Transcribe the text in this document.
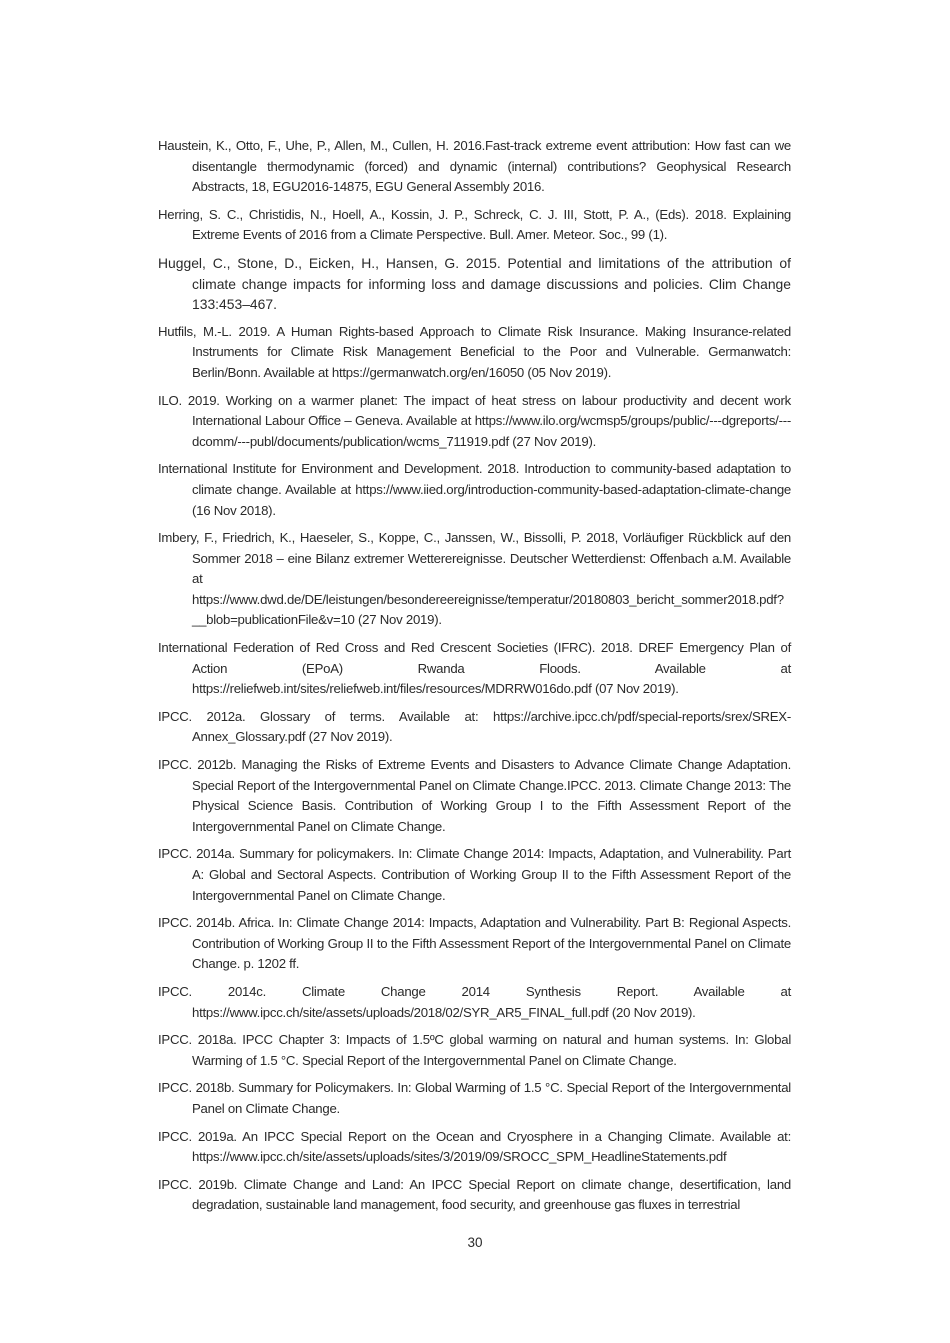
Haustein, K., Otto, F., Uhe, P., Allen, M., Cullen, H. 2016.Fast-track extreme event attribution: How fast can we disentangle thermodynamic (forced) and dynamic (internal) contributions? Geophysical Research Abstracts, 18, EGU2016-14875, EGU General Assembly 2016.

Herring, S. C., Christidis, N., Hoell, A., Kossin, J. P., Schreck, C. J. III, Stott, P. A., (Eds). 2018. Explaining Extreme Events of 2016 from a Climate Perspective. Bull. Amer. Meteor. Soc., 99 (1).

Huggel, C., Stone, D., Eicken, H., Hansen, G. 2015. Potential and limitations of the attribution of climate change impacts for informing loss and damage discussions and policies. Clim Change 133:453–467.

Hutfils, M.-L. 2019. A Human Rights-based Approach to Climate Risk Insurance. Making Insurance-related Instruments for Climate Risk Management Beneficial to the Poor and Vulnerable. Germanwatch: Berlin/Bonn. Available at https://germanwatch.org/en/16050 (05 Nov 2019).

ILO. 2019. Working on a warmer planet: The impact of heat stress on labour productivity and decent work International Labour Office – Geneva. Available at https://www.ilo.org/wcmsp5/groups/public/---dgreports/---dcomm/---publ/documents/publication/wcms_711919.pdf (27 Nov 2019).

International Institute for Environment and Development. 2018. Introduction to community-based adaptation to climate change. Available at https://www.iied.org/introduction-community-based-adaptation-climate-change (16 Nov 2018).

Imbery, F., Friedrich, K., Haeseler, S., Koppe, C., Janssen, W., Bissolli, P. 2018, Vorläufiger Rückblick auf den Sommer 2018 – eine Bilanz extremer Wetterereignisse. Deutscher Wetterdienst: Offenbach a.M. Available at https://www.dwd.de/DE/leistungen/besondereereignisse/temperatur/20180803_bericht_sommer2018.pdf?__blob=publicationFile&v=10 (27 Nov 2019).

International Federation of Red Cross and Red Crescent Societies (IFRC). 2018. DREF Emergency Plan of Action (EPoA) Rwanda Floods. Available at https://reliefweb.int/sites/reliefweb.int/files/resources/MDRRW016do.pdf (07 Nov 2019).

IPCC. 2012a. Glossary of terms. Available at: https://archive.ipcc.ch/pdf/special-reports/srex/SREX-Annex_Glossary.pdf (27 Nov 2019).

IPCC. 2012b. Managing the Risks of Extreme Events and Disasters to Advance Climate Change Adaptation. Special Report of the Intergovernmental Panel on Climate Change.IPCC. 2013. Climate Change 2013: The Physical Science Basis. Contribution of Working Group I to the Fifth Assessment Report of the Intergovernmental Panel on Climate Change.

IPCC. 2014a. Summary for policymakers. In: Climate Change 2014: Impacts, Adaptation, and Vulnerability. Part A: Global and Sectoral Aspects. Contribution of Working Group II to the Fifth Assessment Report of the Intergovernmental Panel on Climate Change.

IPCC. 2014b. Africa. In: Climate Change 2014: Impacts, Adaptation and Vulnerability. Part B: Regional Aspects. Contribution of Working Group II to the Fifth Assessment Report of the Intergovernmental Panel on Climate Change. p. 1202 ff.

IPCC. 2014c. Climate Change 2014 Synthesis Report. Available at https://www.ipcc.ch/site/assets/uploads/2018/02/SYR_AR5_FINAL_full.pdf (20 Nov 2019).

IPCC. 2018a. IPCC Chapter 3: Impacts of 1.5ºC global warming on natural and human systems. In: Global Warming of 1.5 °C. Special Report of the Intergovernmental Panel on Climate Change.

IPCC. 2018b. Summary for Policymakers. In: Global Warming of 1.5 °C. Special Report of the Intergovernmental Panel on Climate Change.

IPCC. 2019a. An IPCC Special Report on the Ocean and Cryosphere in a Changing Climate. Available at: https://www.ipcc.ch/site/assets/uploads/sites/3/2019/09/SROCC_SPM_HeadlineStatements.pdf

IPCC. 2019b. Climate Change and Land: An IPCC Special Report on climate change, desertification, land degradation, sustainable land management, food security, and greenhouse gas fluxes in terrestrial

30
